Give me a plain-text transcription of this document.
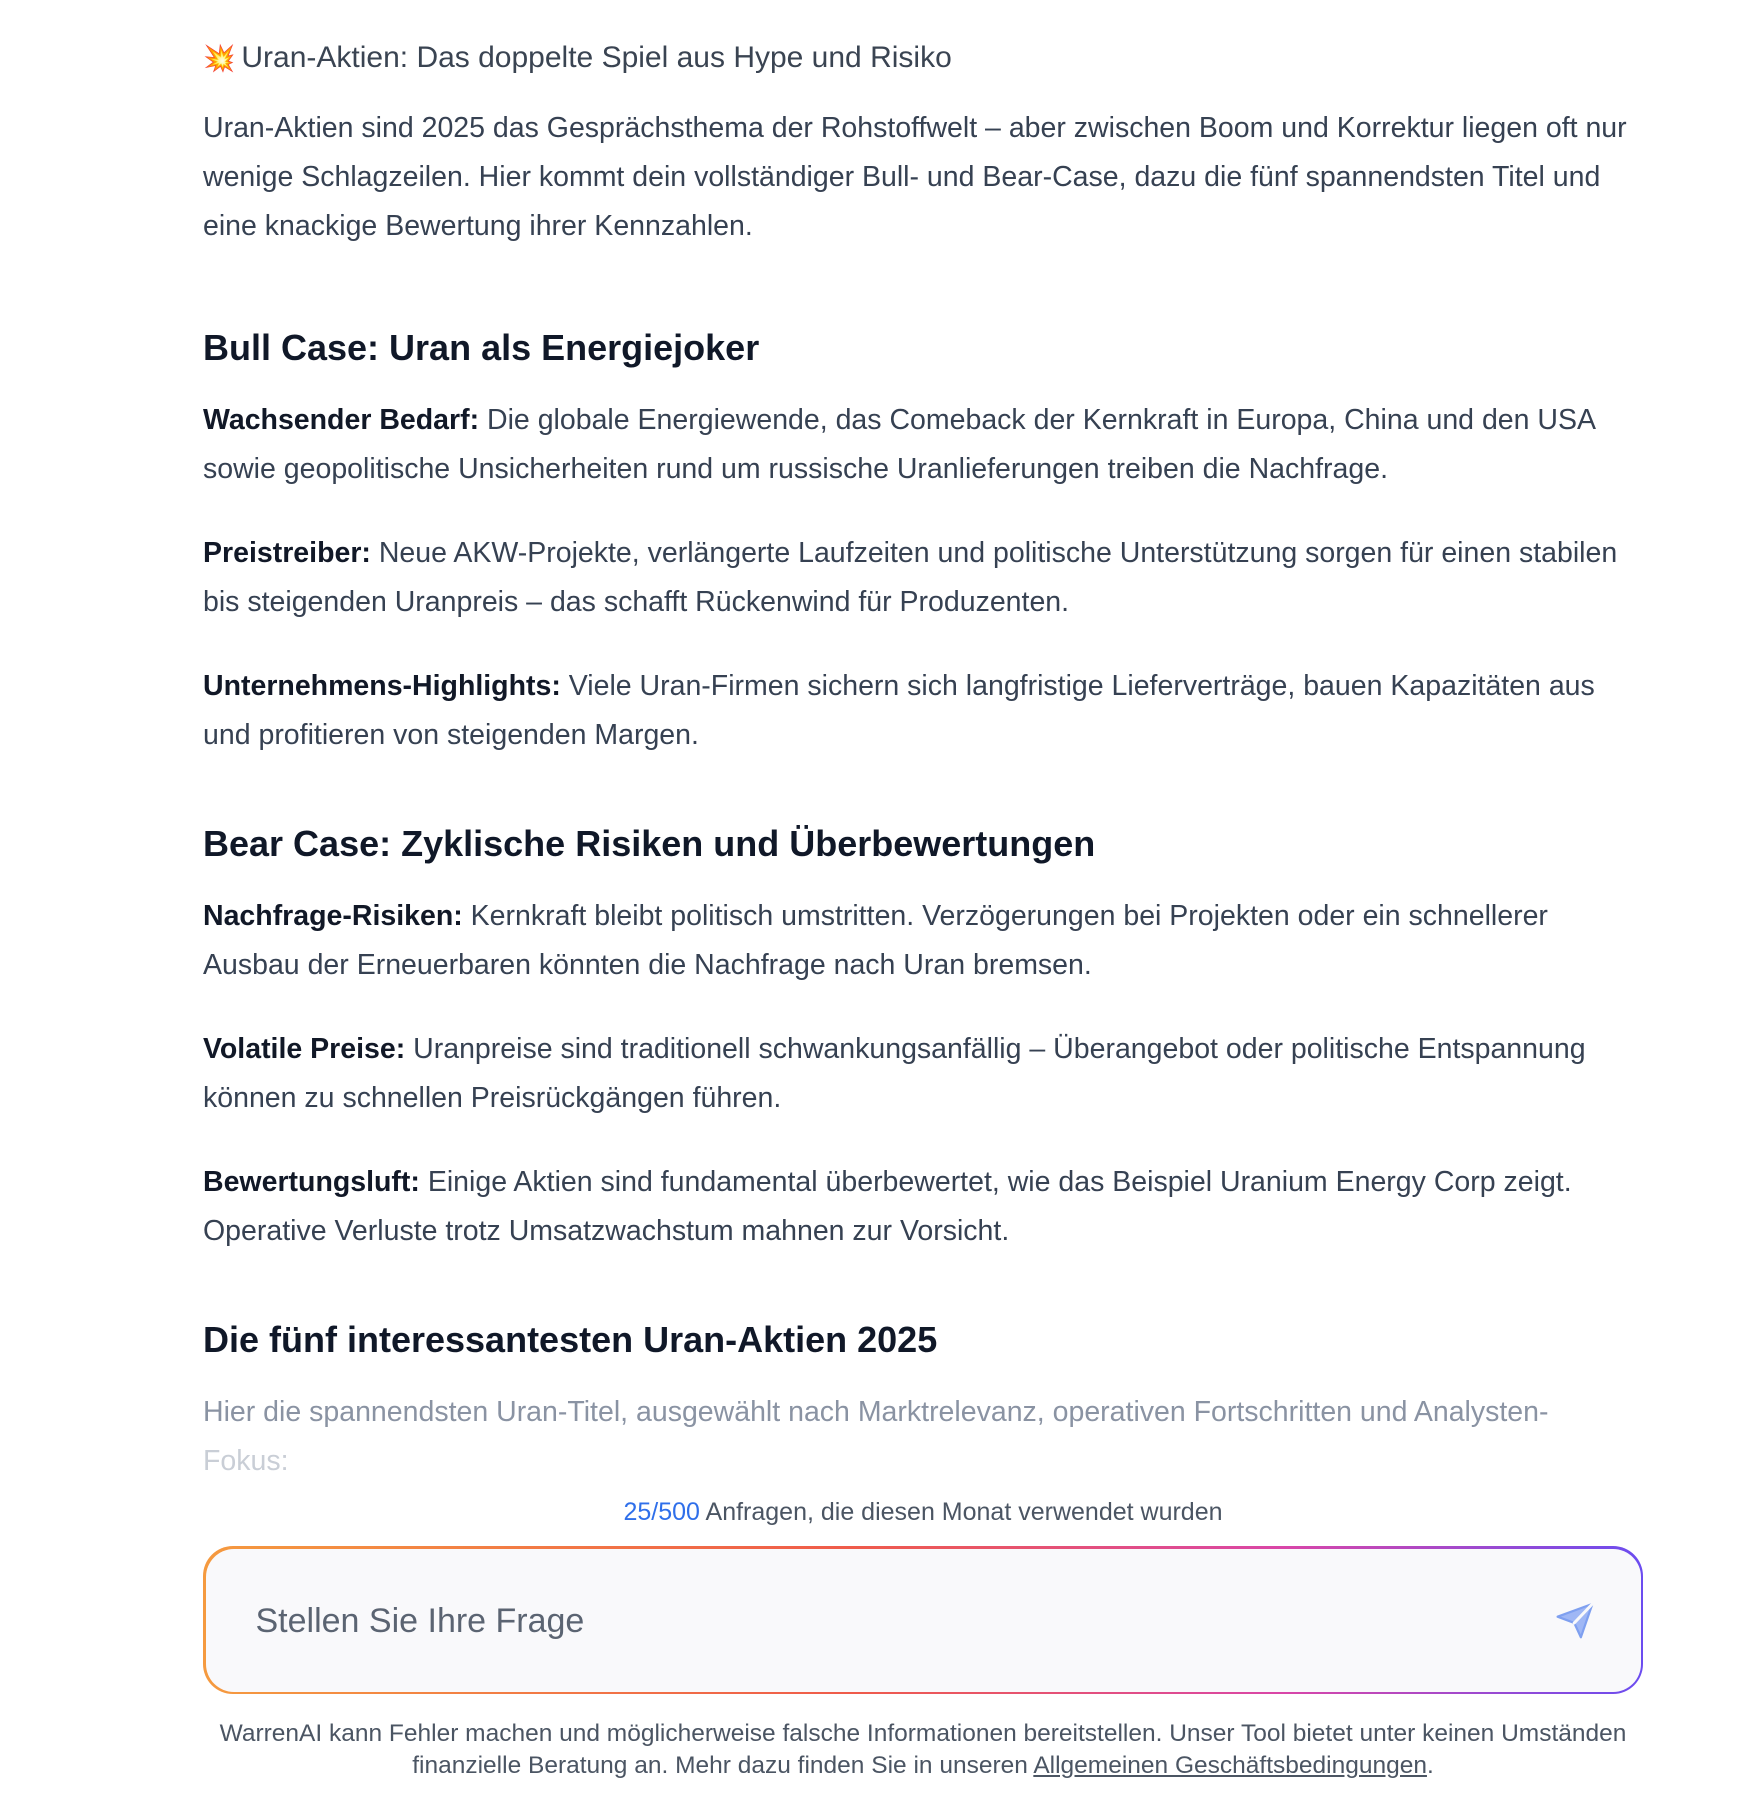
💥 Uran-Aktien: Das doppelte Spiel aus Hype und Risiko

Uran-Aktien sind 2025 das Gesprächsthema der Rohstoffwelt – aber zwischen Boom und Korrektur liegen oft nur wenige Schlagzeilen. Hier kommt dein vollständiger Bull- und Bear-Case, dazu die fünf spannendsten Titel und eine knackige Bewertung ihrer Kennzahlen.

Bull Case: Uran als Energiejoker

Wachsender Bedarf: Die globale Energiewende, das Comeback der Kernkraft in Europa, China und den USA sowie geopolitische Unsicherheiten rund um russische Uranlieferungen treiben die Nachfrage.

Preistreiber: Neue AKW-Projekte, verlängerte Laufzeiten und politische Unterstützung sorgen für einen stabilen bis steigenden Uranpreis – das schafft Rückenwind für Produzenten.

Unternehmens-Highlights: Viele Uran-Firmen sichern sich langfristige Lieferverträge, bauen Kapazitäten aus und profitieren von steigenden Margen.

Bear Case: Zyklische Risiken und Überbewertungen

Nachfrage-Risiken: Kernkraft bleibt politisch umstritten. Verzögerungen bei Projekten oder ein schnellerer Ausbau der Erneuerbaren könnten die Nachfrage nach Uran bremsen.

Volatile Preise: Uranpreise sind traditionell schwankungsanfällig – Überangebot oder politische Entspannung können zu schnellen Preisrückgängen führen.

Bewertungsluft: Einige Aktien sind fundamental überbewertet, wie das Beispiel Uranium Energy Corp zeigt. Operative Verluste trotz Umsatzwachstum mahnen zur Vorsicht.

Die fünf interessantesten Uran-Aktien 2025

Hier die spannendsten Uran-Titel, ausgewählt nach Marktrelevanz, operativen Fortschritten und Analysten-
Fokus:

25/500 Anfragen, die diesen Monat verwendet wurden
Stellen Sie Ihre Frage
WarrenAI kann Fehler machen und möglicherweise falsche Informationen bereitstellen. Unser Tool bietet unter keinen Umständen finanzielle Beratung an. Mehr dazu finden Sie in unseren Allgemeinen Geschäftsbedingungen.
